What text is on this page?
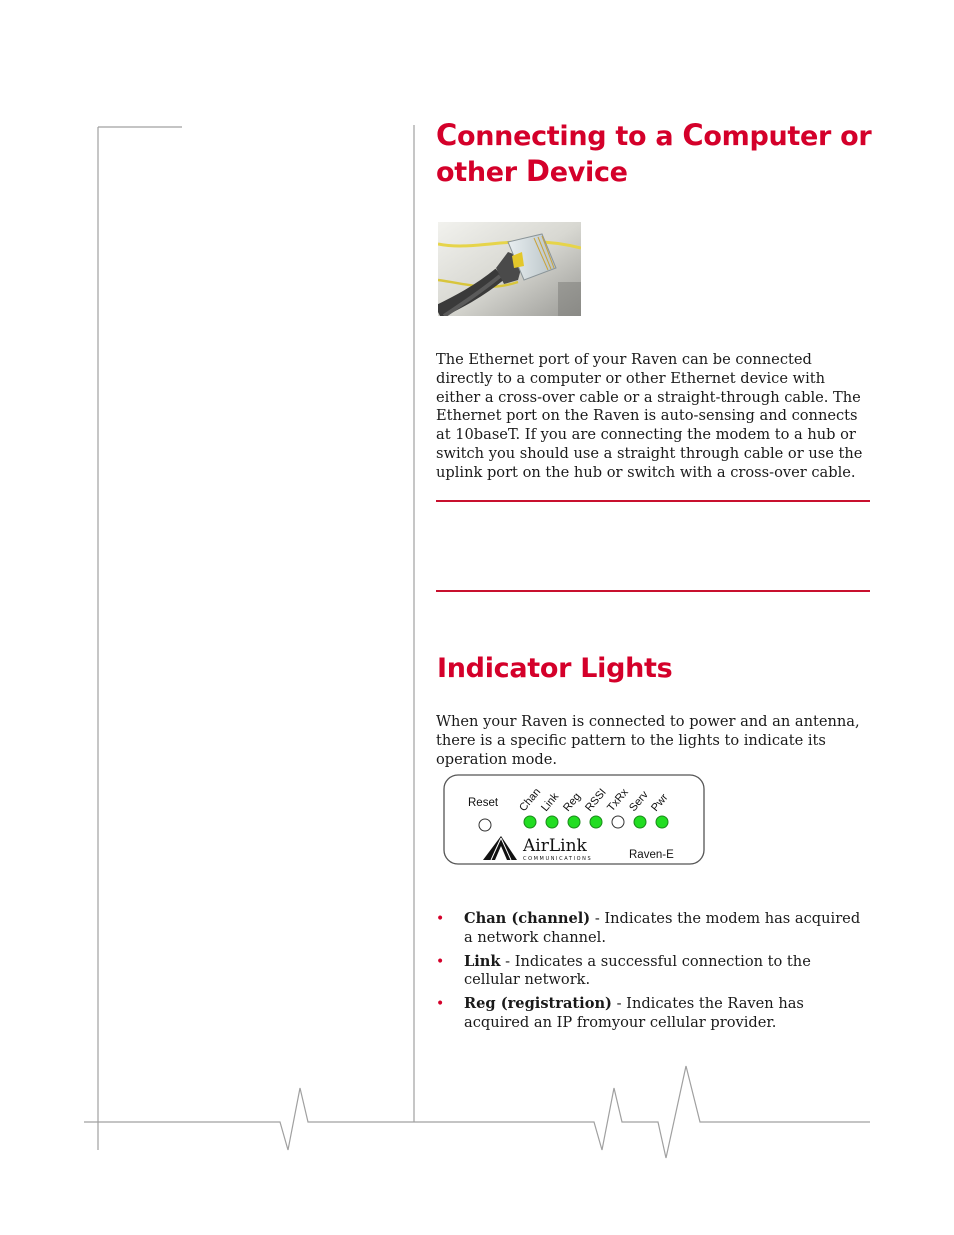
Connecting to a Computer or
other Device

The Ethernet port of your Raven can be connected directly to a computer or other Ethernet device with either a cross-over cable or a straight-through cable. The Ethernet port on the Raven is auto-sensing and connects at 10baseT. If you are connecting the modem to a hub or switch you should use a straight through cable or use the uplink port on the hub or switch with a cross-over cable.

Indicator Lights

When your Raven is connected to power and an antenna, there is a specific pattern to the lights to indicate its operation mode.

Reset Chan
Link Reg RSSI
TxRx
Serv
Pwr
AirLink
COMMUNICATIONS	Raven-E
• Chan (channel) - Indicates the modem has acquired a network channel.
• Link - Indicates a successful connection to the cellular network.
• Reg (registration) - Indicates the Raven has acquired an IP fromyour cellular provider.
